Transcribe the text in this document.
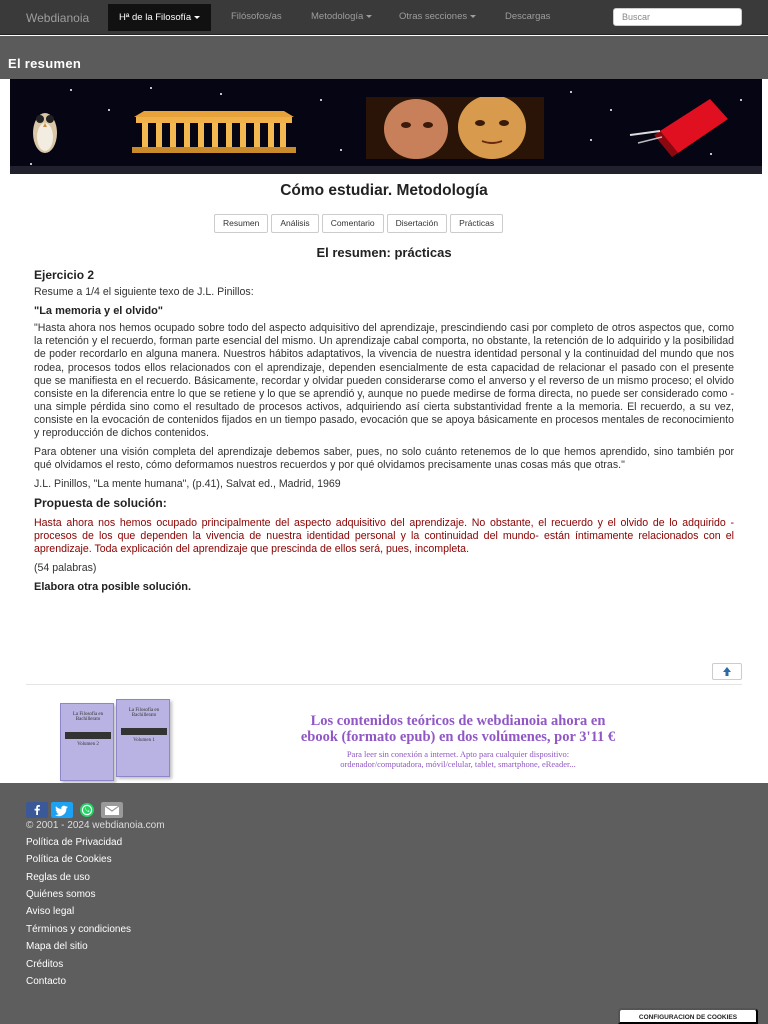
Webdianoia	Hª de la Filosofía	Filósofos/as	Metodología	Otras secciones	Descargas
Buscar
El resumen
Cómo estudiar. Metodología
Resumen	Análisis	Comentario	Disertación	Prácticas
El resumen: prácticas
Ejercicio 2

Resume a 1/4 el siguiente texo de J.L. Pinillos:

"La memoria y el olvido"

"Hasta ahora nos hemos ocupado sobre todo del aspecto adquisitivo del aprendizaje, prescindiendo casi por completo de otros aspectos que, como la retención y el recuerdo, forman parte esencial del mismo. Un aprendizaje cabal comporta, no obstante, la retención de lo adquirido y la posibilidad de poder recordarlo en alguna manera. Nuestros hábitos adaptativos, la vivencia de nuestra identidad personal y la continuidad del mundo que nos rodea, procesos todos ellos relacionados con el aprendizaje, dependen esencialmente de esta capacidad de relacionar el pasado con el presente que se manifiesta en el recuerdo. Básicamente, recordar y olvidar pueden considerarse como el anverso y el reverso de un mismo proceso; el olvido consiste en la diferencia entre lo que se retiene y lo que se aprendió y, aunque no puede medirse de forma directa, no puede ser considerado como -una simple pérdida sino como el resultado de procesos activos, adquiriendo así cierta substantividad frente a la memoria. El recuerdo, a su vez, consiste en la evocación de contenidos fijados en un tiempo pasado, evocación que se apoya básicamente en procesos mentales de reconocimiento y reproducción de dichos contenidos.

Para obtener una visión completa del aprendizaje debemos saber, pues, no solo cuánto retenemos de lo que hemos aprendido, sino también por qué olvidamos el resto, cómo deformamos nuestros recuerdos y por qué olvidamos precisamente unas cosas más que otras."

J.L. Pinillos, "La mente humana", (p.41), Salvat ed., Madrid, 1969

Propuesta de solución:

Hasta ahora nos hemos ocupado principalmente del aspecto adquisitivo del aprendizaje. No obstante, el recuerdo y el olvido de lo adquirido - procesos de los que dependen la vivencia de nuestra identidad personal y la continuidad del mundo- están íntimamente relacionados con el aprendizaje. Toda explicación del aprendizaje que prescinda de ellos será, pues, incompleta.

(54 palabras)

Elabora otra posible solución.

La Filosofía en Bachillerato
Volumen 2
La Filosofía en Bachillerato
Volumen 1
Los contenidos teóricos de webdianoia ahora en
ebook (formato epub) en dos volúmenes, por 3'11 €
Para leer sin conexión a internet. Apto para cualquier dispositivo:
ordenador/computadora, móvil/celular, tablet, smartphone, eReader...
© 2001 - 2024 webdianoia.com
Política de Privacidad
Política de Cookies
Reglas de uso
Quiénes somos
Aviso legal
Términos y condiciones
Mapa del sitio
Créditos
Contacto
CONFIGURACION DE COOKIES
